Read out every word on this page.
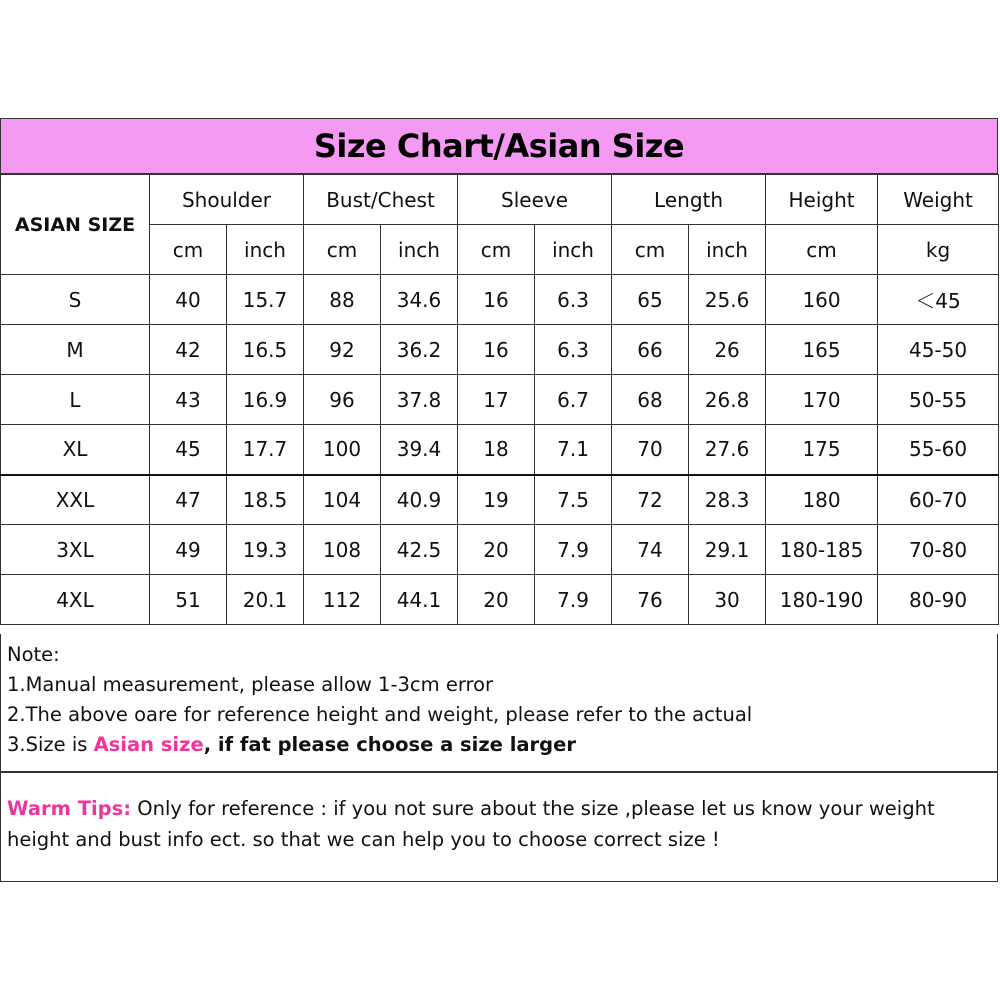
Size Chart/Asian Size
ASIAN SIZE	Shoulder		Bust/Chest		Sleeve		Length		Height	Weight
	cm	inch	cm	inch	cm	inch	cm	inch	cm	kg
S	40	15.7	88	34.6	16	6.3	65	25.6	160	＜45
M	42	16.5	92	36.2	16	6.3	66	26	165	45-50
L	43	16.9	96	37.8	17	6.7	68	26.8	170	50-55
XL	45	17.7	100	39.4	18	7.1	70	27.6	175	55-60
XXL	47	18.5	104	40.9	19	7.5	72	28.3	180	60-70
3XL	49	19.3	108	42.5	20	7.9	74	29.1	180-185	70-80
4XL	51	20.1	112	44.1	20	7.9	76	30	180-190	80-90
Note:
1.Manual measurement, please allow 1-3cm error
2.The above oare for reference height and weight, please refer to the actual
3.Size is Asian size, if fat please choose a size larger
Warm Tips: Only for reference : if you not sure about the size ,please let us know your weight height and bust info ect. so that we can help you to choose correct size !
